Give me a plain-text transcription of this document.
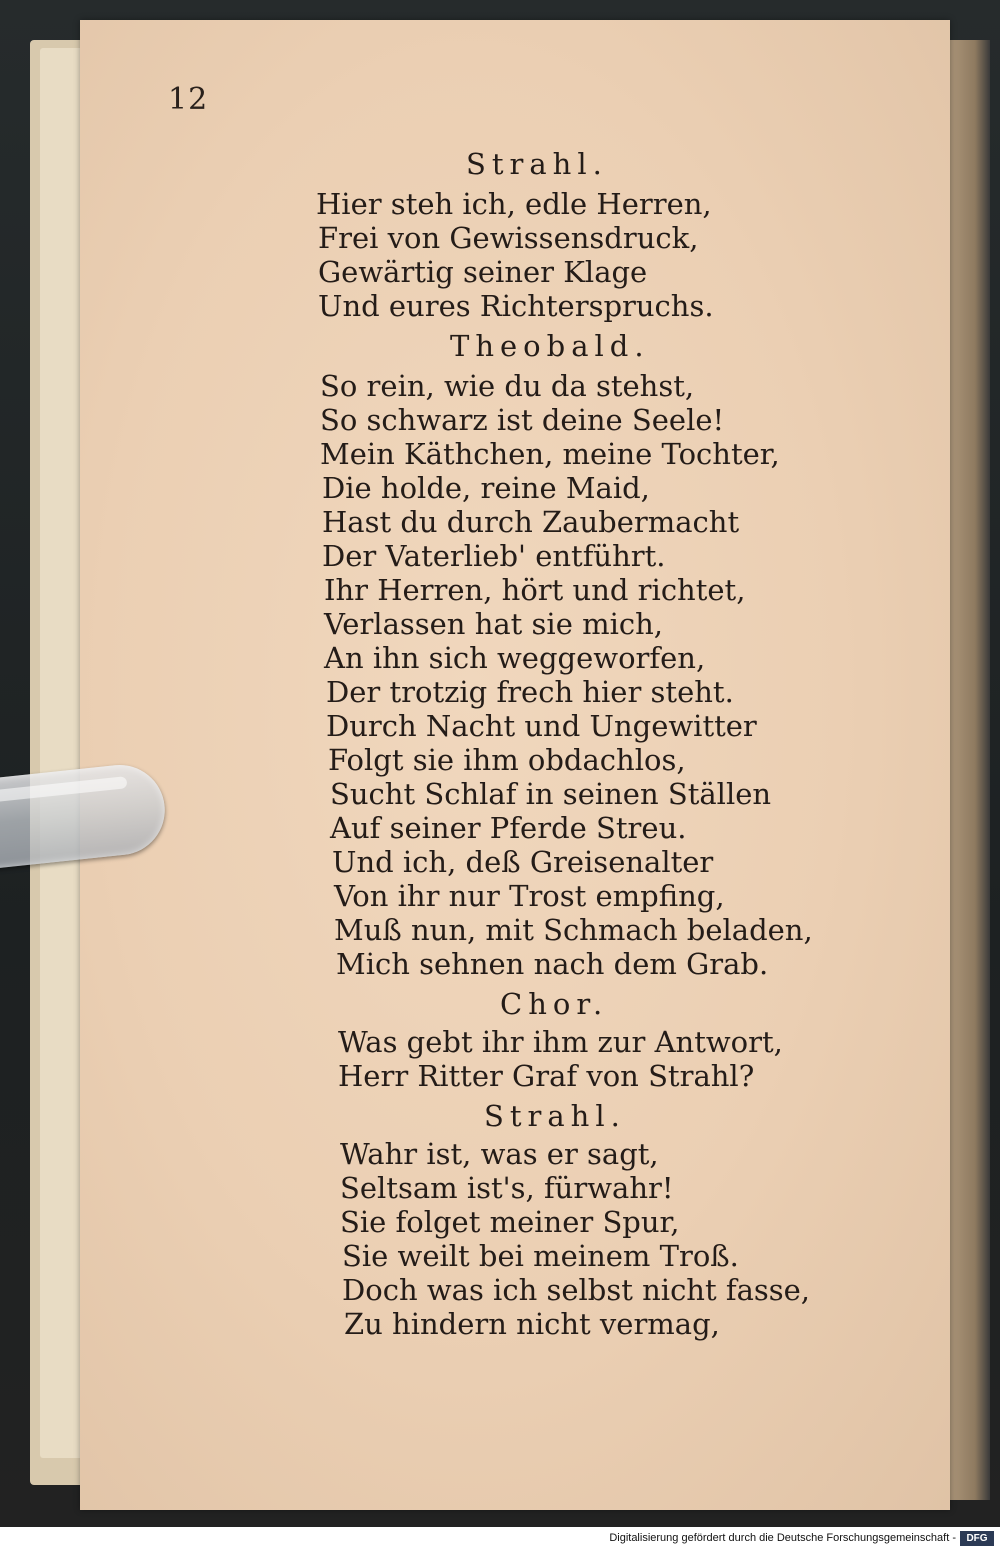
12
Strahl.
Hier steh ich, edle Herren,
Frei von Gewissensdruck,
Gewärtig seiner Klage
Und eures Richterspruchs.
Theobald.
So rein, wie du da stehst,
So schwarz ist deine Seele!
Mein Käthchen, meine Tochter,
Die holde, reine Maid,
Hast du durch Zaubermacht
Der Vaterlieb' entführt.
Ihr Herren, hört und richtet,
Verlassen hat sie mich,
An ihn sich weggeworfen,
Der trotzig frech hier steht.
Durch Nacht und Ungewitter
Folgt sie ihm obdachlos,
Sucht Schlaf in seinen Ställen
Auf seiner Pferde Streu.
Und ich, deß Greisenalter
Von ihr nur Trost empfing,
Muß nun, mit Schmach beladen,
Mich sehnen nach dem Grab.
Chor.
Was gebt ihr ihm zur Antwort,
Herr Ritter Graf von Strahl?
Strahl.
Wahr ist, was er sagt,
Seltsam ist's, fürwahr!
Sie folget meiner Spur,
Sie weilt bei meinem Troß.
Doch was ich selbst nicht fasse,
Zu hindern nicht vermag,
Digitalisierung gefördert durch die Deutsche Forschungsgemeinschaft -	DFG
